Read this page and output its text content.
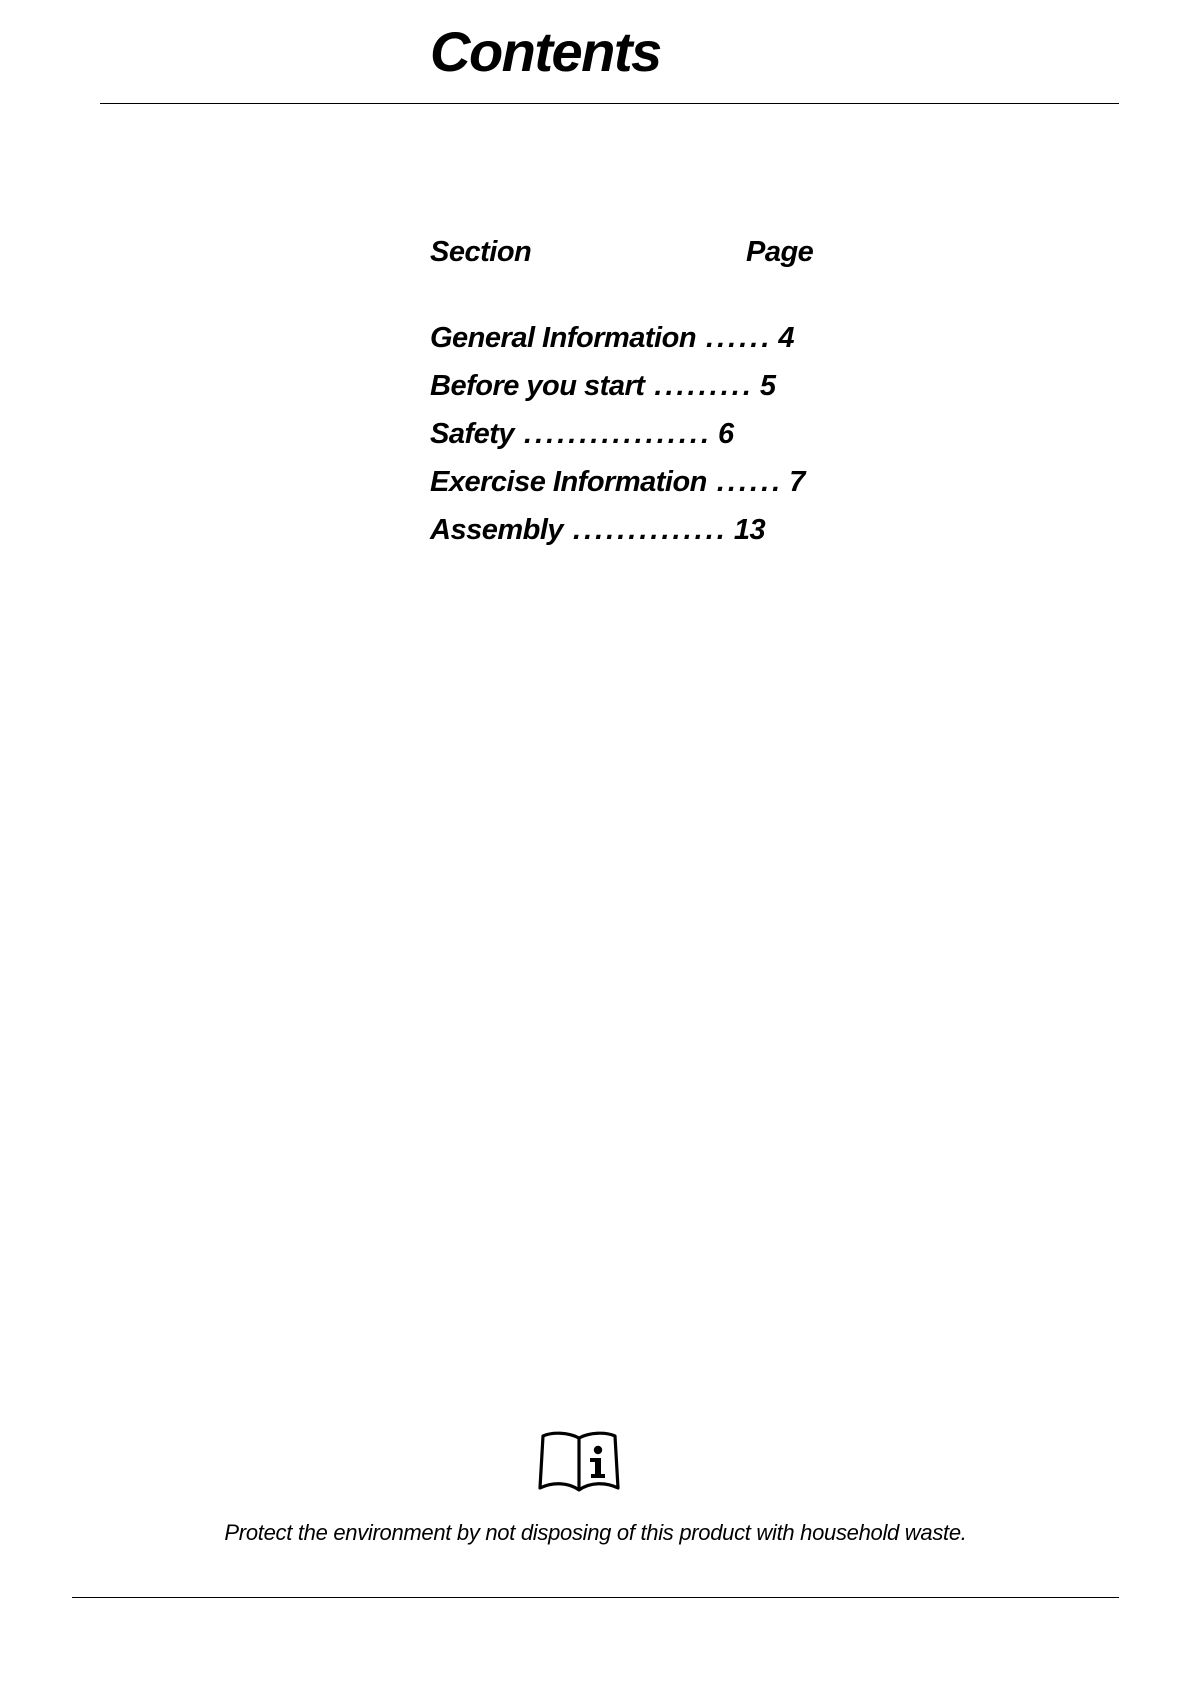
Contents
Section	Page
General Information ...... 4
Before you start ......... 5
Safety ................. 6
Exercise Information ...... 7
Assembly .............. 13
Protect the environment by not disposing of this product with household waste.
